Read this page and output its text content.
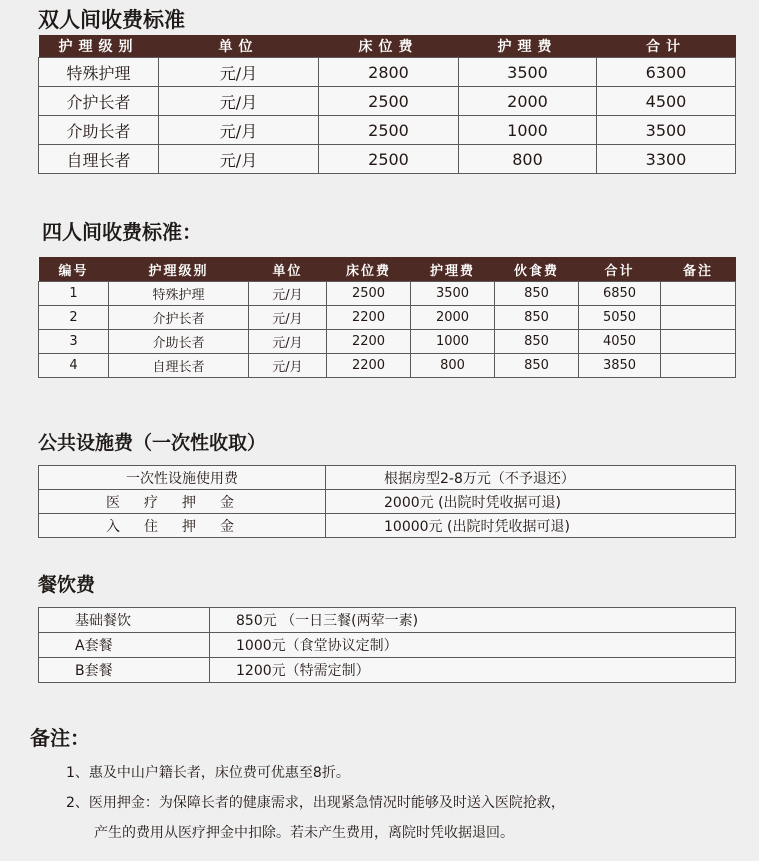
双人间收费标准
护理级别	单位	床位费	护理费	合计
特殊护理	元/月	2800	3500	6300
介护长者	元/月	2500	2000	4500
介助长者	元/月	2500	1000	3500
自理长者	元/月	2500	800	3300
四人间收费标准：
编号	护理级别	单位	床位费	护理费	伙食费	合计	备注
1	特殊护理	元/月	2500	3500	850	6850	
2	介护长者	元/月	2200	2000	850	5050	
3	介助长者	元/月	2200	1000	850	4050	
4	自理长者	元/月	2200	800	850	3850	
公共设施费（一次性收取）
一次性设施使用费	根据房型2-8万元（不予退还）
医疗押金	2000元 (出院时凭收据可退)
入住押金	10000元 (出院时凭收据可退)
餐饮费
基础餐饮	850元 （一日三餐(两荤一素)
A套餐	1000元（食堂协议定制）
B套餐	1200元（特需定制）
备注：

1、惠及中山户籍长者，床位费可优惠至8折。

2、医用押金：为保障长者的健康需求，出现紧急情况时能够及时送入医院抢救，

产生的费用从医疗押金中扣除。若未产生费用，离院时凭收据退回。
